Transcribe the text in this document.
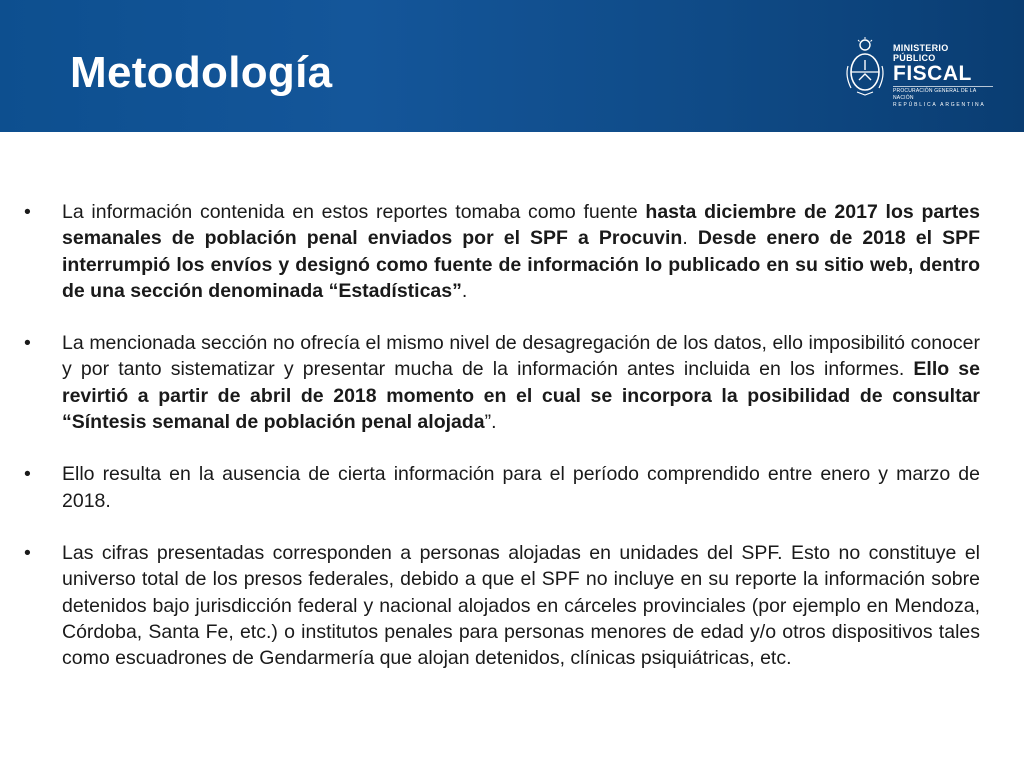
Metodología	MINISTERIO PÚBLICO
FISCAL
PROCURACIÓN GENERAL DE LA NACIÓN
REPÚBLICA ARGENTINA
•	La información contenida en estos reportes tomaba como fuente hasta diciembre de 2017 los partes semanales de población penal enviados por el SPF a Procuvin. Desde enero de 2018 el SPF interrumpió los envíos y designó como fuente de información lo publicado en su sitio web, dentro de una sección denominada “Estadísticas”.
•	La mencionada sección no ofrecía el mismo nivel de desagregación de los datos, ello imposibilitó conocer y por tanto sistematizar y presentar mucha de la información antes incluida en los informes. Ello se revirtió a partir de abril de 2018 momento en el cual se incorpora la posibilidad de consultar “Síntesis semanal de población penal alojada”.
•	Ello resulta en la ausencia de cierta información para el período comprendido entre enero y marzo de 2018.
•	Las cifras presentadas corresponden a personas alojadas en unidades del SPF. Esto no constituye el universo total de los presos federales, debido a que el SPF no incluye en su reporte la información sobre detenidos bajo jurisdicción federal y nacional alojados en cárceles provinciales (por ejemplo en Mendoza, Córdoba, Santa Fe, etc.) o institutos penales para personas menores de edad y/o otros dispositivos tales como escuadrones de Gendarmería que alojan detenidos, clínicas psiquiátricas, etc.
